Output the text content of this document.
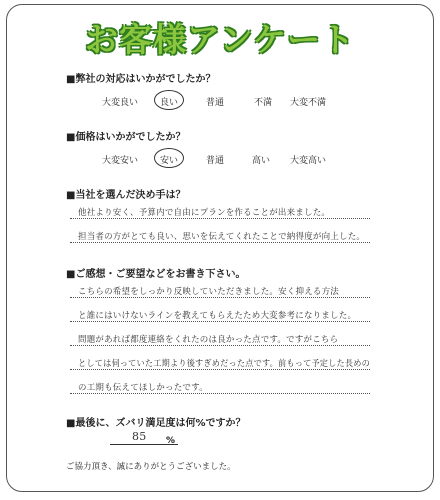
お客様アンケート
■弊社の対応はいかがでしたか？
大変良い 良い	普通	不満 大変不満
■価格はいかがでしたか？
大変安い 安い	普通	高い 大変高い
■当社を選んだ決め手は？
他社より安く、予算内で自由にプランを作ることが出来ました。
担当者の方がとても良い、思いを伝えてくれたことで納得度が向上した。
■ご感想・ご要望などをお書き下さい。
こちらの希望をしっかり反映していただきました。安く抑える方法
と誰にはいけないラインを教えてもらえたため大変参考になりました。
問題があれば都度連絡をくれたのは良かった点です。ですがこちら
としては伺っていた工期より後すぎめだった点です。前もって予定した長めの
の工期も伝えてほしかったです。
■最後に、ズバリ満足度は何%ですか？
85 %
ご協力頂き、誠にありがとうございました。
